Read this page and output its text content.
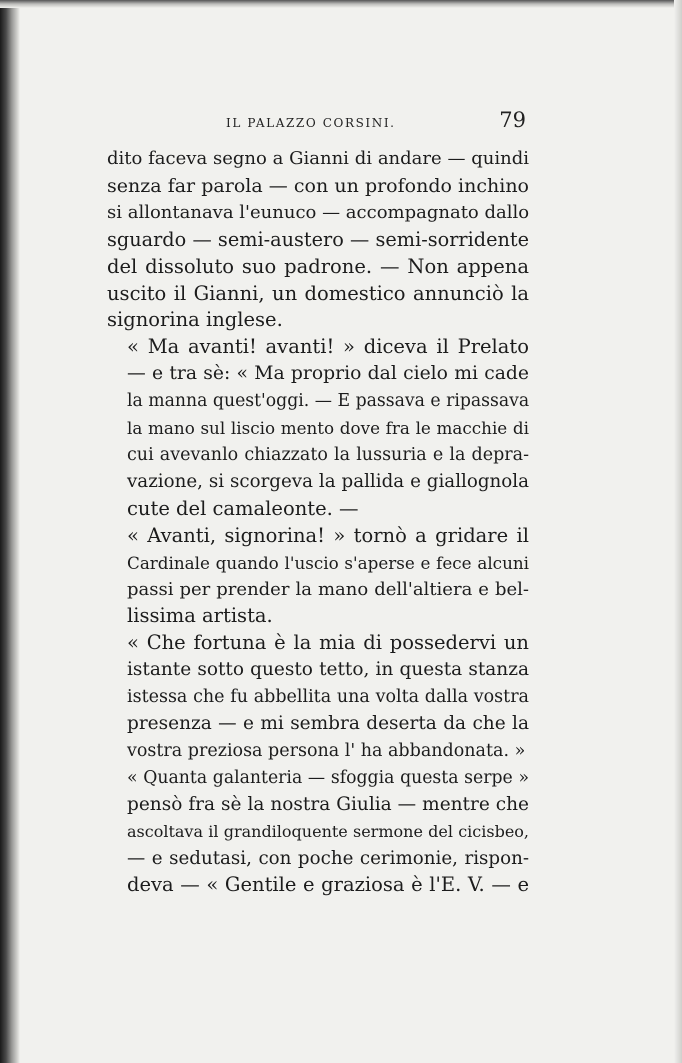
IL PALAZZO CORSINI.	79
dito faceva segno a Gianni di andare — quindi
senza far parola — con un profondo inchino
si allontanava l'eunuco — accompagnato dallo
sguardo — semi-austero — semi-sorridente
del dissoluto suo padrone. — Non appena
uscito il Gianni, un domestico annunciò la
signorina inglese.
« Ma avanti! avanti! » diceva il Prelato
— e tra sè: « Ma proprio dal cielo mi cade
la manna quest'oggi. — E passava e ripassava
la mano sul liscio mento dove fra le macchie di
cui avevanlo chiazzato la lussuria e la depra-
vazione, si scorgeva la pallida e giallognola
cute del camaleonte. —
« Avanti, signorina! » tornò a gridare il
Cardinale quando l'uscio s'aperse e fece alcuni
passi per prender la mano dell'altiera e bel-
lissima artista.
« Che fortuna è la mia di possedervi un
istante sotto questo tetto, in questa stanza
istessa che fu abbellita una volta dalla vostra
presenza — e mi sembra deserta da che la
vostra preziosa persona l' ha abbandonata. »
« Quanta galanteria — sfoggia questa serpe »
pensò fra sè la nostra Giulia — mentre che
ascoltava il grandiloquente sermone del cicisbeo,
— e sedutasi, con poche cerimonie, rispon-
deva — « Gentile e graziosa è l'E. V. — e
